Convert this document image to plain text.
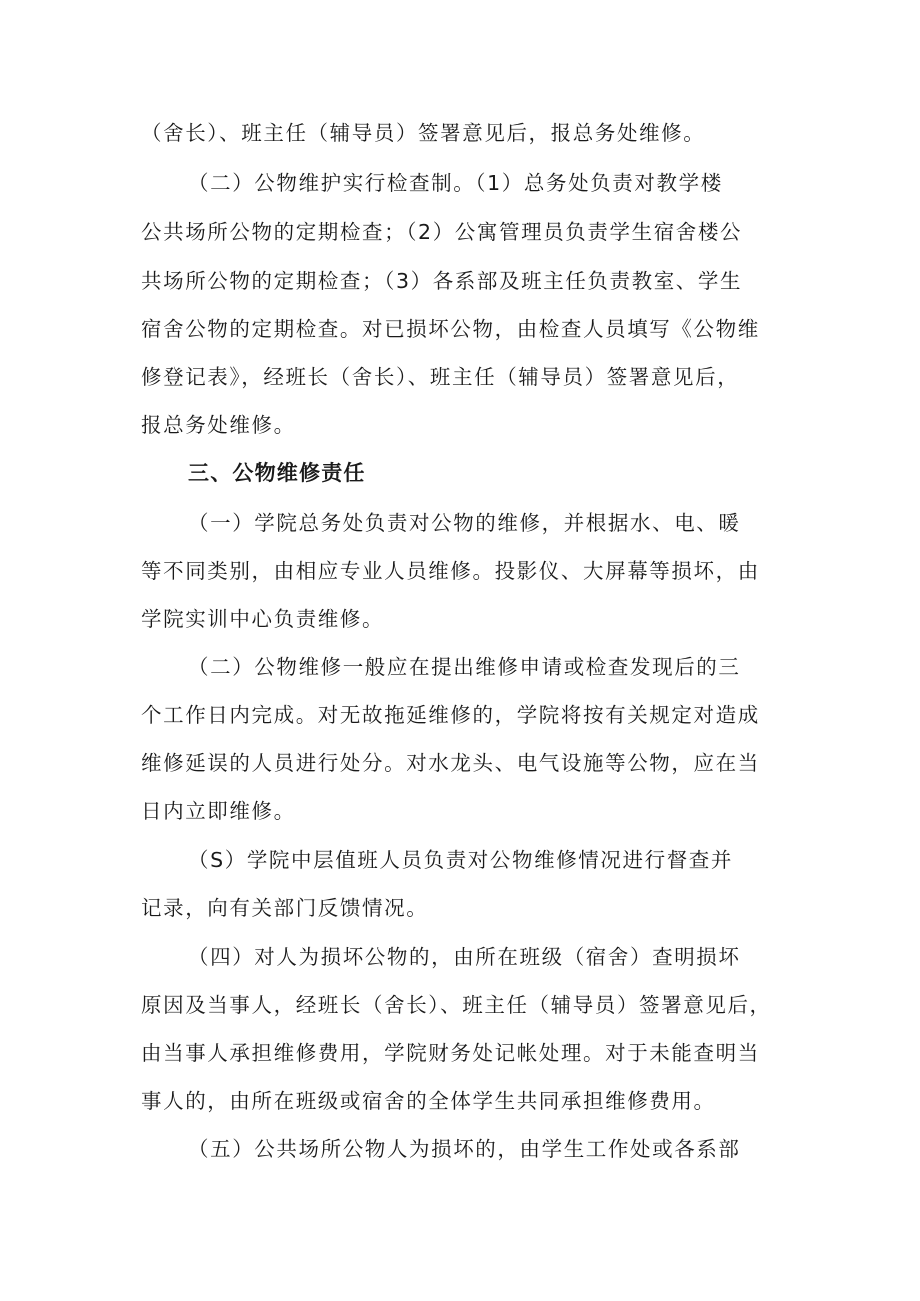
（舍长）、班主任（辅导员）签署意见后，报总务处维修。
（二）公物维护实行检查制。（1）总务处负责对教学楼
公共场所公物的定期检查；（2）公寓管理员负责学生宿舍楼公
共场所公物的定期检查；（3）各系部及班主任负责教室、学生
宿舍公物的定期检查。对已损坏公物，由检查人员填写《公物维
修登记表》，经班长（舍长）、班主任（辅导员）签署意见后，
报总务处维修。
三、公物维修责任
（一）学院总务处负责对公物的维修，并根据水、电、暖
等不同类别，由相应专业人员维修。投影仪、大屏幕等损坏，由
学院实训中心负责维修。
（二）公物维修一般应在提出维修申请或检查发现后的三
个工作日内完成。对无故拖延维修的，学院将按有关规定对造成
维修延误的人员进行处分。对水龙头、电气设施等公物，应在当
日内立即维修。
（S）学院中层值班人员负责对公物维修情况进行督查并
记录，向有关部门反馈情况。
（四）对人为损坏公物的，由所在班级（宿舍）查明损坏
原因及当事人，经班长（舍长）、班主任（辅导员）签署意见后，
由当事人承担维修费用，学院财务处记帐处理。对于未能查明当
事人的，由所在班级或宿舍的全体学生共同承担维修费用。
（五）公共场所公物人为损坏的，由学生工作处或各系部
